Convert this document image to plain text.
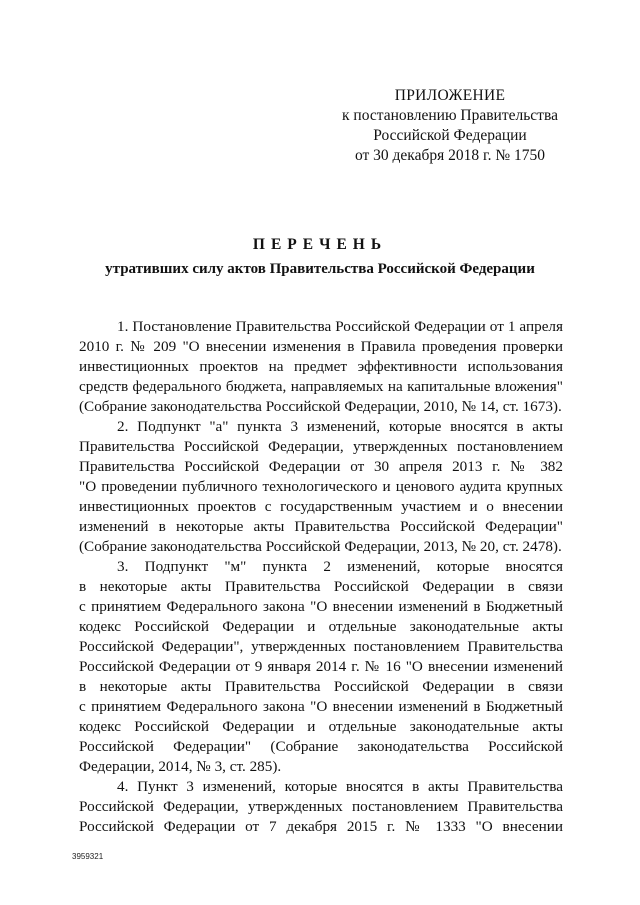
ПРИЛОЖЕНИЕ
к постановлению Правительства
Российской Федерации
от 30 декабря 2018 г. № 1750
ПЕРЕЧЕНЬ
утративших силу актов Правительства Российской Федерации
1. Постановление Правительства Российской Федерации от 1 апреля
2010 г. № 209 "О внесении изменения в Правила проведения проверки
инвестиционных проектов на предмет эффективности использования
средств федерального бюджета, направляемых на капитальные вложения"
(Собрание законодательства Российской Федерации, 2010, № 14, ст. 1673).
2. Подпункт "а" пункта 3 изменений, которые вносятся в акты
Правительства Российской Федерации, утвержденных постановлением
Правительства Российской Федерации от 30 апреля 2013 г. № 382
"О проведении публичного технологического и ценового аудита крупных
инвестиционных проектов с государственным участием и о внесении
изменений в некоторые акты Правительства Российской Федерации"
(Собрание законодательства Российской Федерации, 2013, № 20, ст. 2478).
3. Подпункт "м" пункта 2 изменений, которые вносятся
в некоторые акты Правительства Российской Федерации в связи
с принятием Федерального закона "О внесении изменений в Бюджетный
кодекс Российской Федерации и отдельные законодательные акты
Российской Федерации", утвержденных постановлением Правительства
Российской Федерации от 9 января 2014 г. № 16 "О внесении изменений
в некоторые акты Правительства Российской Федерации в связи
с принятием Федерального закона "О внесении изменений в Бюджетный
кодекс Российской Федерации и отдельные законодательные акты
Российской Федерации" (Собрание законодательства Российской
Федерации, 2014, № 3, ст. 285).
4. Пункт 3 изменений, которые вносятся в акты Правительства
Российской Федерации, утвержденных постановлением Правительства
Российской Федерации от 7 декабря 2015 г. № 1333 "О внесении
3959321
